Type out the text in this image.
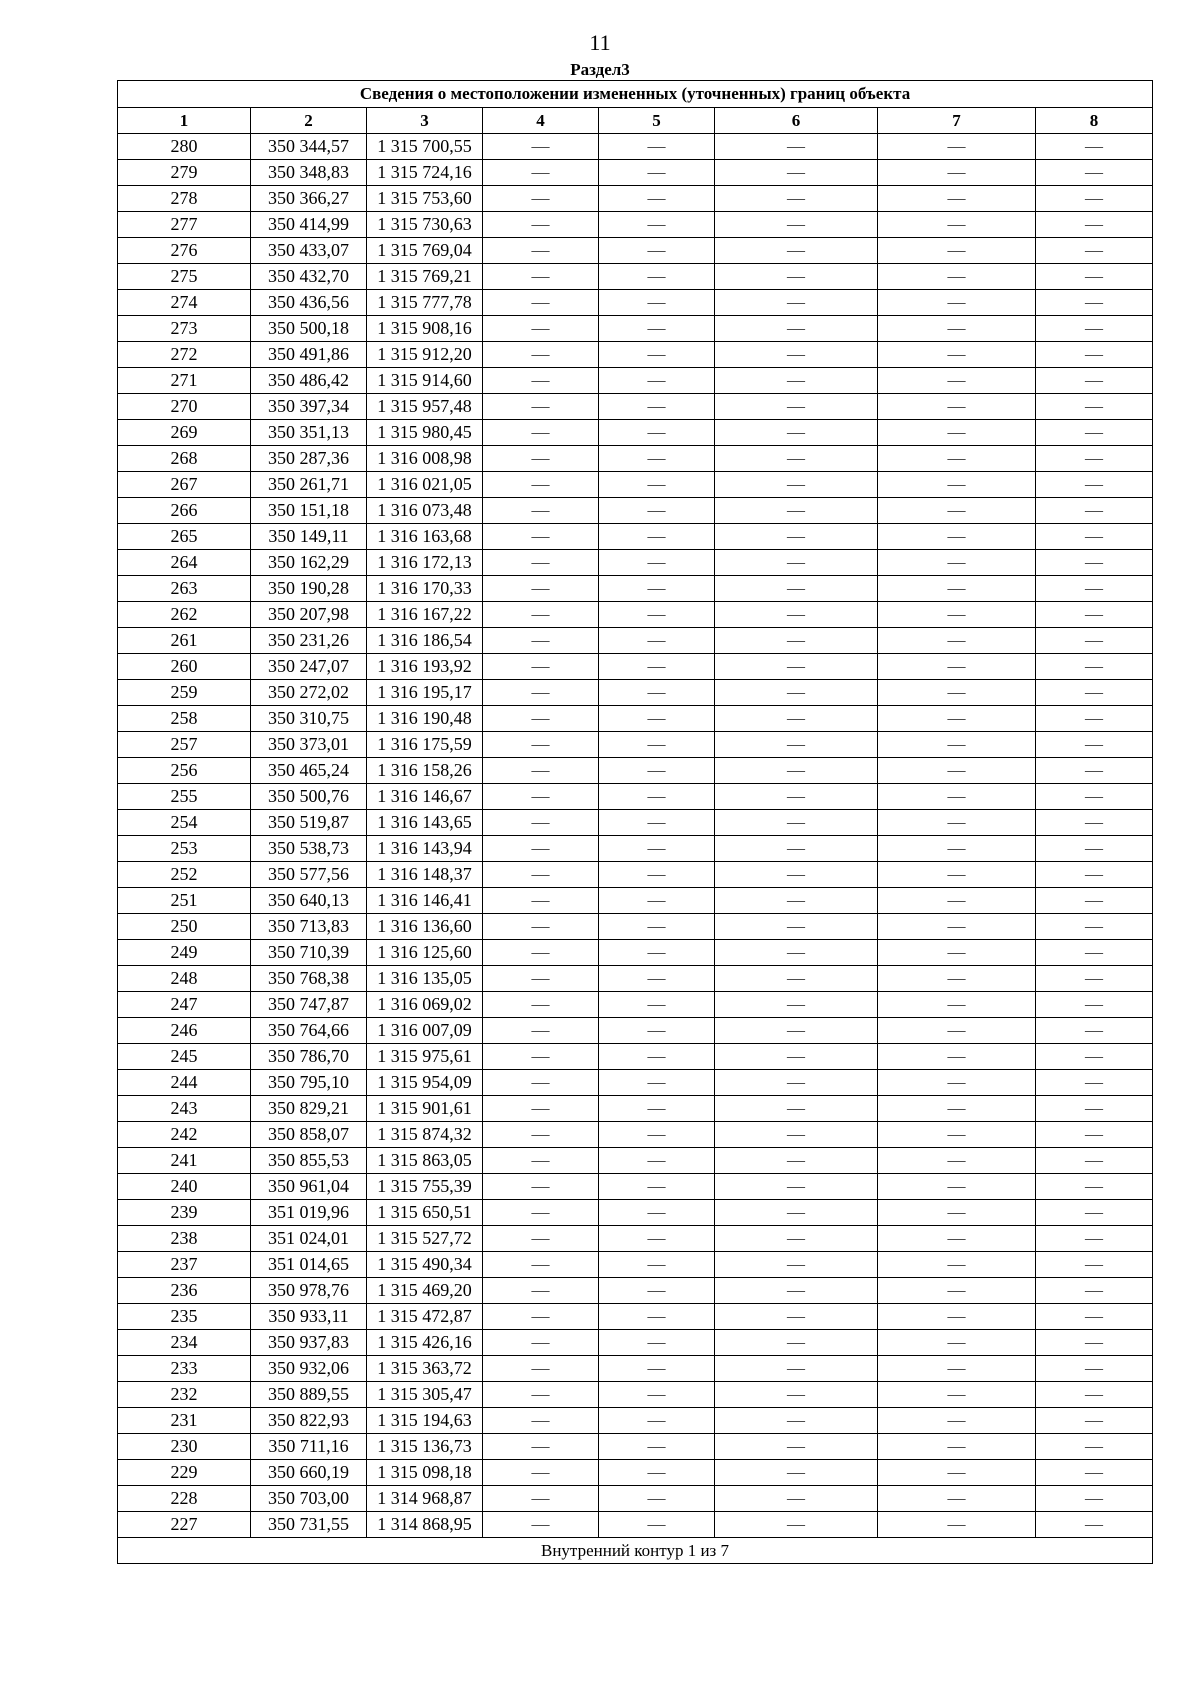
11
Раздел3
Сведения о местоположении измененных (уточненных) границ объекта							
1	2	3	4	5	6	7	8
280	350 344,57	1 315 700,55	—	—	—	—	—
279	350 348,83	1 315 724,16	—	—	—	—	—
278	350 366,27	1 315 753,60	—	—	—	—	—
277	350 414,99	1 315 730,63	—	—	—	—	—
276	350 433,07	1 315 769,04	—	—	—	—	—
275	350 432,70	1 315 769,21	—	—	—	—	—
274	350 436,56	1 315 777,78	—	—	—	—	—
273	350 500,18	1 315 908,16	—	—	—	—	—
272	350 491,86	1 315 912,20	—	—	—	—	—
271	350 486,42	1 315 914,60	—	—	—	—	—
270	350 397,34	1 315 957,48	—	—	—	—	—
269	350 351,13	1 315 980,45	—	—	—	—	—
268	350 287,36	1 316 008,98	—	—	—	—	—
267	350 261,71	1 316 021,05	—	—	—	—	—
266	350 151,18	1 316 073,48	—	—	—	—	—
265	350 149,11	1 316 163,68	—	—	—	—	—
264	350 162,29	1 316 172,13	—	—	—	—	—
263	350 190,28	1 316 170,33	—	—	—	—	—
262	350 207,98	1 316 167,22	—	—	—	—	—
261	350 231,26	1 316 186,54	—	—	—	—	—
260	350 247,07	1 316 193,92	—	—	—	—	—
259	350 272,02	1 316 195,17	—	—	—	—	—
258	350 310,75	1 316 190,48	—	—	—	—	—
257	350 373,01	1 316 175,59	—	—	—	—	—
256	350 465,24	1 316 158,26	—	—	—	—	—
255	350 500,76	1 316 146,67	—	—	—	—	—
254	350 519,87	1 316 143,65	—	—	—	—	—
253	350 538,73	1 316 143,94	—	—	—	—	—
252	350 577,56	1 316 148,37	—	—	—	—	—
251	350 640,13	1 316 146,41	—	—	—	—	—
250	350 713,83	1 316 136,60	—	—	—	—	—
249	350 710,39	1 316 125,60	—	—	—	—	—
248	350 768,38	1 316 135,05	—	—	—	—	—
247	350 747,87	1 316 069,02	—	—	—	—	—
246	350 764,66	1 316 007,09	—	—	—	—	—
245	350 786,70	1 315 975,61	—	—	—	—	—
244	350 795,10	1 315 954,09	—	—	—	—	—
243	350 829,21	1 315 901,61	—	—	—	—	—
242	350 858,07	1 315 874,32	—	—	—	—	—
241	350 855,53	1 315 863,05	—	—	—	—	—
240	350 961,04	1 315 755,39	—	—	—	—	—
239	351 019,96	1 315 650,51	—	—	—	—	—
238	351 024,01	1 315 527,72	—	—	—	—	—
237	351 014,65	1 315 490,34	—	—	—	—	—
236	350 978,76	1 315 469,20	—	—	—	—	—
235	350 933,11	1 315 472,87	—	—	—	—	—
234	350 937,83	1 315 426,16	—	—	—	—	—
233	350 932,06	1 315 363,72	—	—	—	—	—
232	350 889,55	1 315 305,47	—	—	—	—	—
231	350 822,93	1 315 194,63	—	—	—	—	—
230	350 711,16	1 315 136,73	—	—	—	—	—
229	350 660,19	1 315 098,18	—	—	—	—	—
228	350 703,00	1 314 968,87	—	—	—	—	—
227	350 731,55	1 314 868,95	—	—	—	—	—
Внутренний контур 1 из 7							
